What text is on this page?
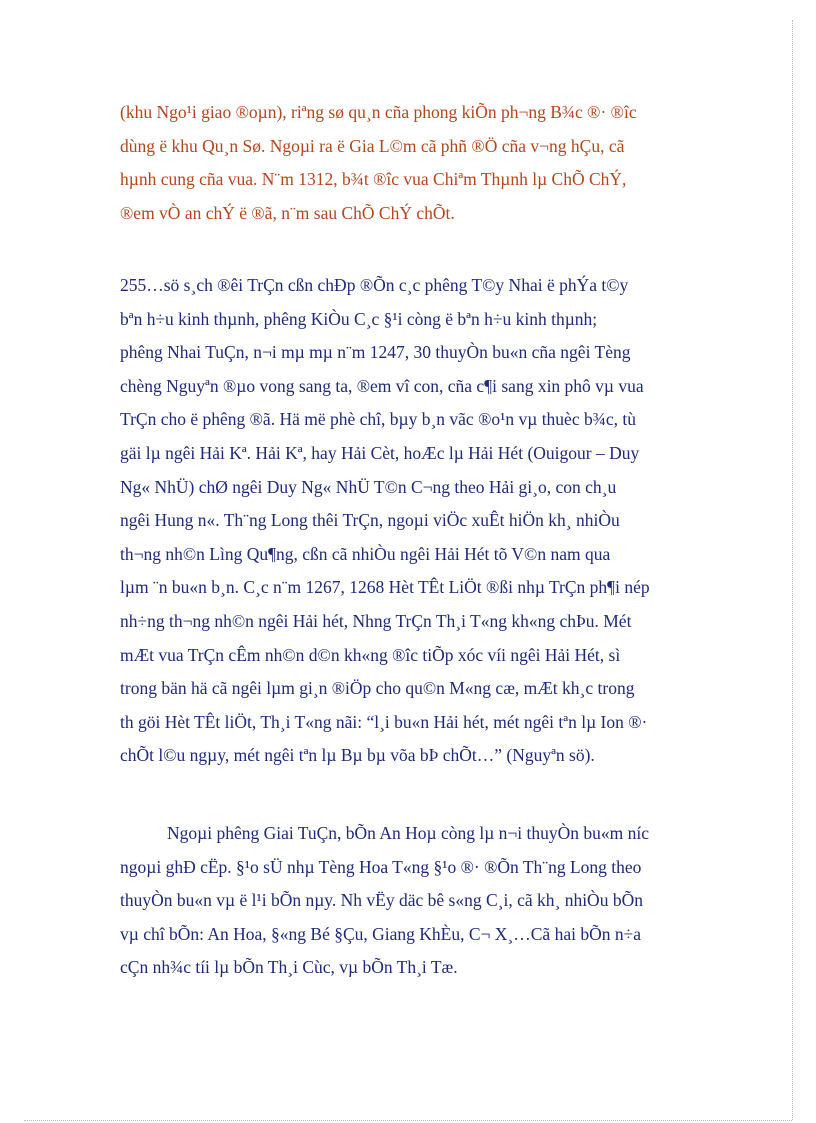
(khu Ngo¹i giao ®oµn), riªng sø qu¸n cña phong kiÕn ph¬ng B¾c ®· ®îc
dùng ë khu Qu¸n Sø. Ngoµi ra ë Gia L©m cã phñ ®Ö cña v¬ng hÇu, cã
hµnh cung cña vua. N¨m 1312, b¾t ®îc vua Chiªm Thµnh lµ ChÕ ChÝ,
®em vÒ an chÝ ë ®ã, n¨m sau ChÕ ChÝ chÕt.

255…sö s¸ch ®êi TrÇn cßn chÐp ®Õn c¸c phêng T©y Nhai ë phÝa t©y
bªn h÷u kinh thµnh, phêng KiÒu C¸c §¹i còng ë bªn h÷u kinh thµnh;
phêng Nhai TuÇn, n¬i mµ mµ n¨m 1247, 30 thuyÒn bu«n cña ngêi Tèng
chèng Nguyªn ®µo vong sang ta, ®em vî con, cña c¶i sang xin phô vµ vua
TrÇn cho ë phêng ®ã. Hä më phè chî, bµy b¸n vãc ®o¹n vµ thuèc b¾c, tù
gäi lµ ngêi Hải Kª. Hải Kª, hay Hải Cèt, hoÆc lµ Hải Hét (Ouigour – Duy
Ng« NhÜ) chØ ngêi Duy Ng« NhÜ T©n C¬ng theo Hải gi¸o, con ch¸u
ngêi Hung n«. Th¨ng Long thêi TrÇn, ngoµi viÖc xuÊt hiÖn kh¸ nhiÒu
th¬ng nh©n Lìng Qu¶ng, cßn cã nhiÒu ngêi Hải Hét tõ V©n nam qua
lµm ¨n bu«n b¸n. C¸c n¨m 1267, 1268 Hèt TÊt LiÖt ®ßi nhµ TrÇn ph¶i nép
nh÷ng th¬ng nh©n ngêi Hải hét, Nhng TrÇn Th¸i T«ng kh«ng chÞu. Mét
mÆt vua TrÇn cÊm nh©n d©n kh«ng ®îc tiÕp xóc víi ngêi Hải Hét, sì
trong bän hä cã ngêi lµm gi¸n ®iÖp cho qu©n M«ng cæ, mÆt kh¸c trong
th göi Hèt TÊt liÖt, Th¸i T«ng nãi: “l¸i bu«n Hải hét, mét ngêi tªn lµ Ion ®·
chÕt l©u ngµy, mét ngêi tªn lµ Bµ bµ võa bÞ chÕt…” (Nguyªn sö).

Ngoµi phêng Giai TuÇn, bÕn An Hoµ còng lµ n¬i thuyÒn bu«m níc
ngoµi ghÐ cËp. §¹o sÜ nhµ Tèng Hoa T«ng §¹o ®· ®Õn Th¨ng Long theo
thuyÒn bu«n vµ ë l¹i bÕn nµy. Nh vËy däc bê s«ng C¸i, cã kh¸ nhiÒu bÕn
vµ chî bÕn: An Hoa, §«ng Bé §Çu, Giang KhÈu, C¬ X¸…Cã hai bÕn n÷a
cÇn nh¾c tíi lµ bÕn Th¸i Cùc, vµ bÕn Th¸i Tæ.
